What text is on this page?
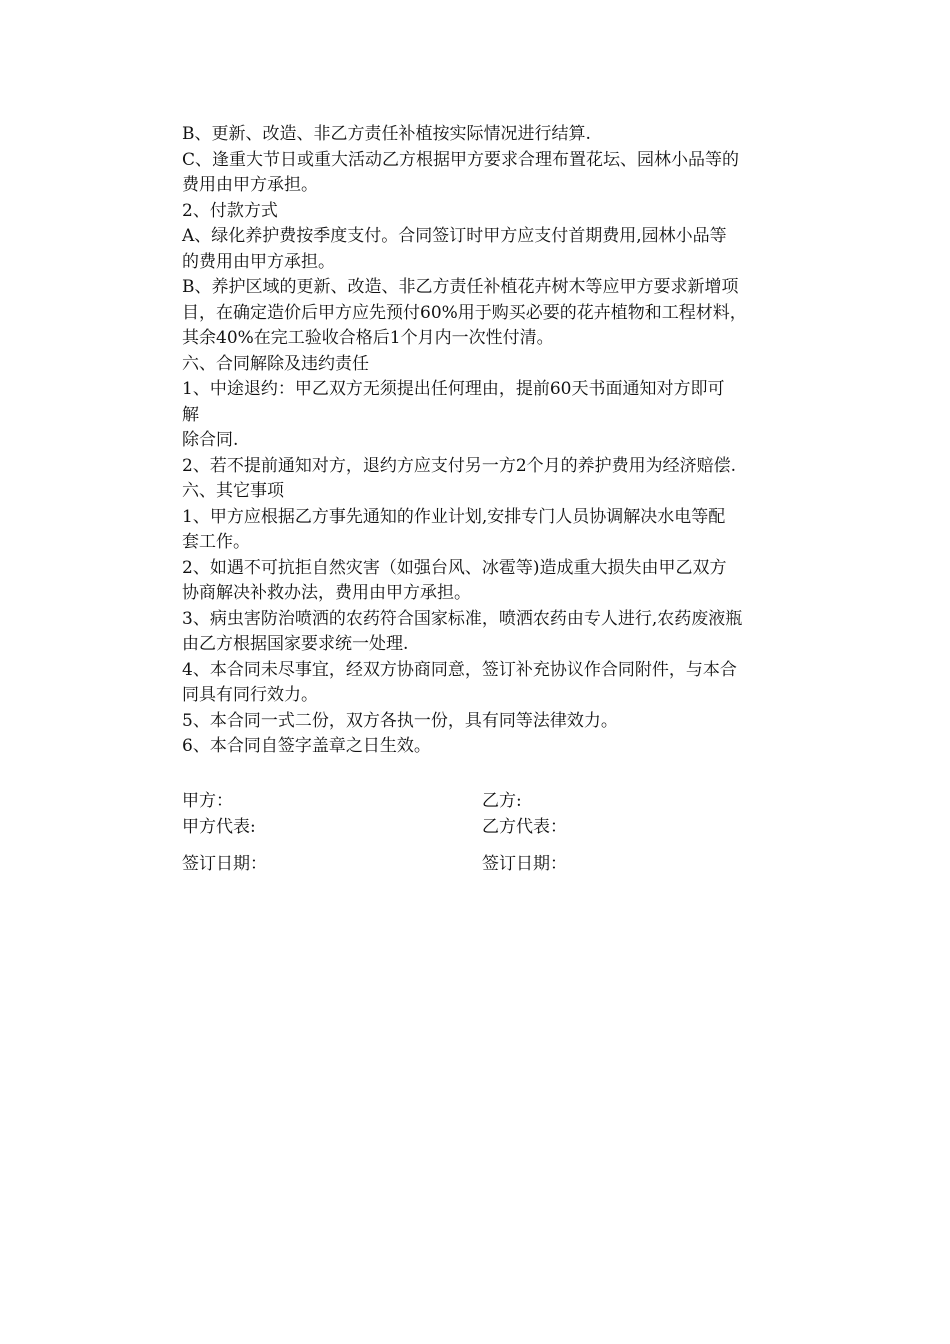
B、更新、改造、非乙方责任补植按实际情况进行结算.
C、逢重大节日或重大活动乙方根据甲方要求合理布置花坛、园林小品等的
费用由甲方承担。
2、付款方式
A、绿化养护费按季度支付。合同签订时甲方应支付首期费用,园林小品等
的费用由甲方承担。
B、养护区域的更新、改造、非乙方责任补植花卉树木等应甲方要求新增项
目，在确定造价后甲方应先预付60%用于购买必要的花卉植物和工程材料，
其余40%在完工验收合格后1个月内一次性付清。
六、合同解除及违约责任
1、中途退约：甲乙双方无须提出任何理由，提前60天书面通知对方即可
解
除合同.
2、若不提前通知对方，退约方应支付另一方2个月的养护费用为经济赔偿.
六、其它事项
1、甲方应根据乙方事先通知的作业计划,安排专门人员协调解决水电等配
套工作。
2、如遇不可抗拒自然灾害（如强台风、冰雹等)造成重大损失由甲乙双方
协商解决补救办法，费用由甲方承担。
3、病虫害防治喷洒的农药符合国家标准，喷洒农药由专人进行,农药废液瓶
由乙方根据国家要求统一处理.
4、本合同未尽事宜，经双方协商同意，签订补充协议作合同附件，与本合
同具有同行效力。
5、本合同一式二份，双方各执一份，具有同等法律效力。
6、本合同自签字盖章之日生效。
甲方：	乙方:
甲方代表:	乙方代表：
签订日期：	签订日期：
